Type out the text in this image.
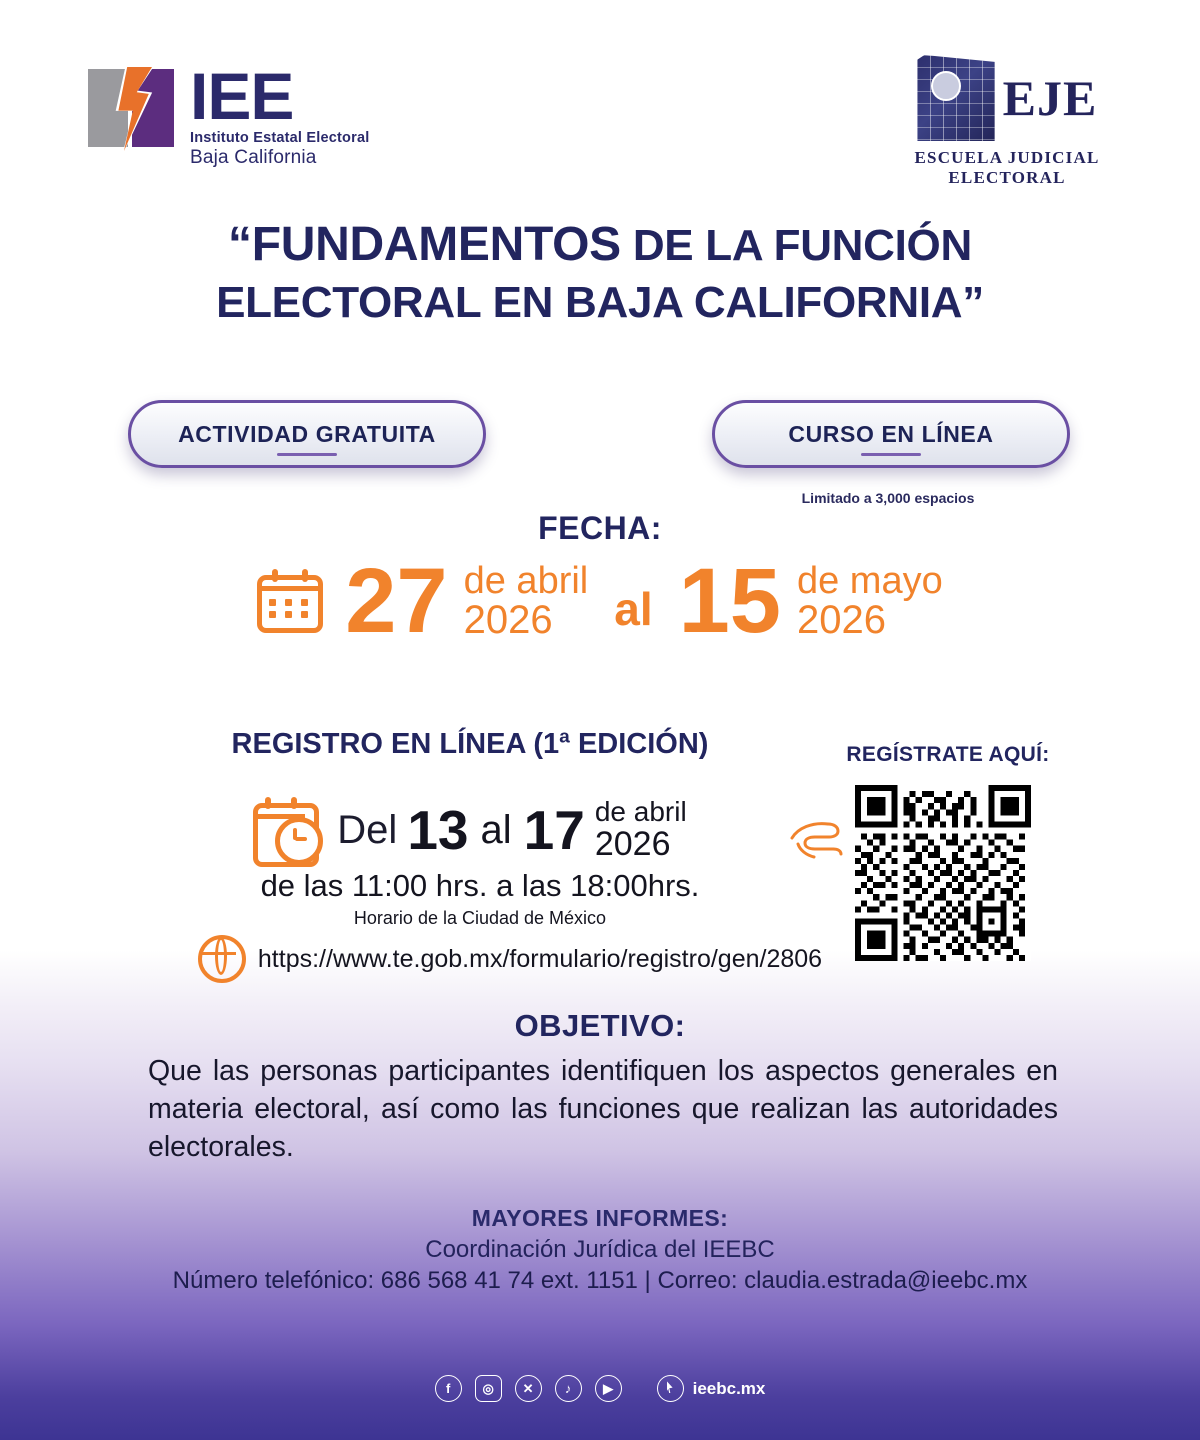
IEE
Instituto Estatal Electoral
Baja California
EJE
ESCUELA JUDICIAL
ELECTORAL
“FUNDAMENTOS DE LA FUNCIÓN
ELECTORAL EN BAJA CALIFORNIA”
ACTIVIDAD GRATUITA	CURSO EN LÍNEA
Limitado a 3,000 espacios
FECHA:
27 de abril
2026	al 15 de mayo
2026
REGISTRO EN LÍNEA (1ª EDICIÓN)
Del 13 al 17 de abril
2026
de las 11:00 hrs. a las 18:00hrs.
Horario de la Ciudad de México
https://www.te.gob.mx/formulario/registro/gen/2806
REGÍSTRATE AQUÍ:
OBJETIVO:
Que las personas participantes identifiquen los aspectos generales en materia electoral, así como las funciones que realizan las autoridades electorales.
MAYORES INFORMES:
Coordinación Jurídica del IEEBC
Número telefónico: 686 568 41 74 ext. 1151 | Correo: claudia.estrada@ieebc.mx
f	◎	✕	♪	▶	ieebc.mx
